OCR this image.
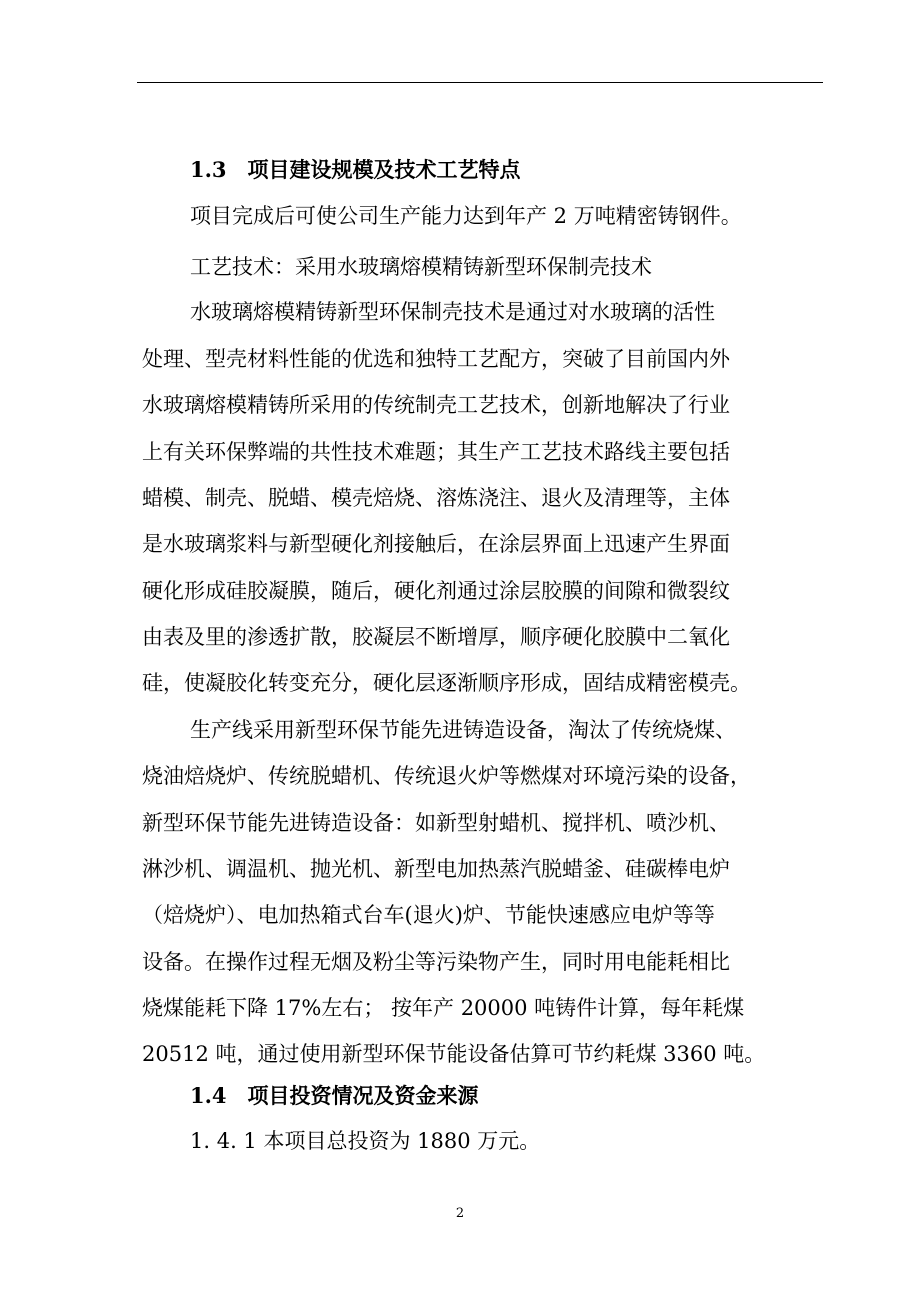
1.3　项目建设规模及技术工艺特点
项目完成后可使公司生产能力达到年产 2 万吨精密铸钢件。
工艺技术：采用水玻璃熔模精铸新型环保制壳技术
水玻璃熔模精铸新型环保制壳技术是通过对水玻璃的活性
处理、型壳材料性能的优选和独特工艺配方，突破了目前国内外
水玻璃熔模精铸所采用的传统制壳工艺技术，创新地解决了行业
上有关环保弊端的共性技术难题；其生产工艺技术路线主要包括
蜡模、制壳、脱蜡、模壳焙烧、溶炼浇注、退火及清理等，主体
是水玻璃浆料与新型硬化剂接触后，在涂层界面上迅速产生界面
硬化形成硅胶凝膜，随后，硬化剂通过涂层胶膜的间隙和微裂纹
由表及里的渗透扩散，胶凝层不断增厚，顺序硬化胶膜中二氧化
硅，使凝胶化转变充分，硬化层逐渐顺序形成，固结成精密模壳。
生产线采用新型环保节能先进铸造设备，淘汰了传统烧煤、
烧油焙烧炉、传统脱蜡机、传统退火炉等燃煤对环境污染的设备，
新型环保节能先进铸造设备：如新型射蜡机、搅拌机、喷沙机、
淋沙机、调温机、抛光机、新型电加热蒸汽脱蜡釜、硅碳棒电炉
（焙烧炉）、电加热箱式台车(退火)炉、节能快速感应电炉等等
设备。在操作过程无烟及粉尘等污染物产生，同时用电能耗相比
烧煤能耗下降 17%左右； 按年产 20000 吨铸件计算，每年耗煤
20512 吨，通过使用新型环保节能设备估算可节约耗煤 3360 吨。
1.4　项目投资情况及资金来源
1. 4. 1 本项目总投资为 1880 万元。
2
